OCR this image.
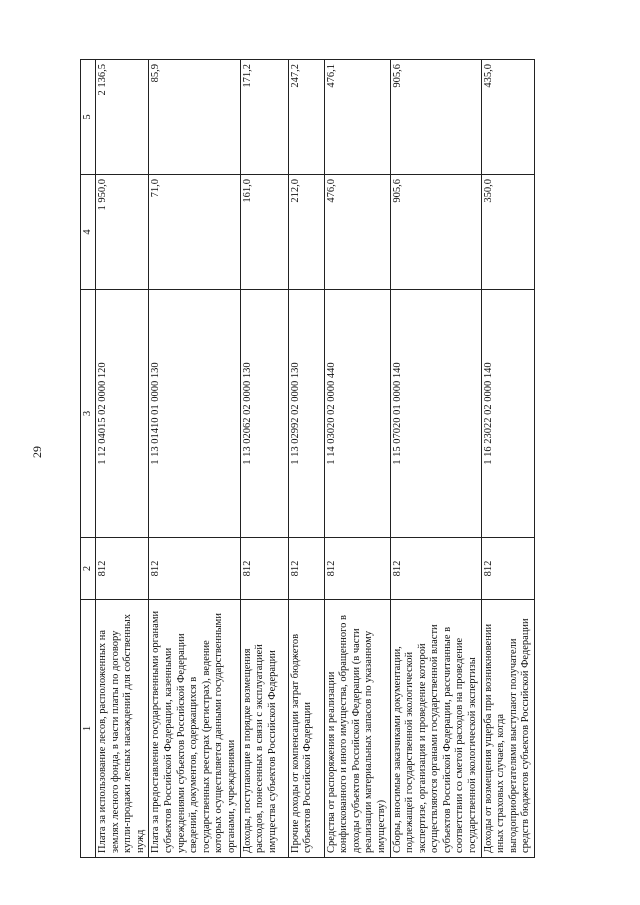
29
1	2	3	4	5
Плата за использование лесов, расположенных на землях лесного фонда, в части платы по договору купли-продажи лесных насаждений для собственных нужд	812	1 12 04015 02 0000 120	1 950,0	2 136,5
Плата за предоставление государственными органами субъектов Российской Федерации, казенными учреждениями субъектов Российской Федерации сведений, документов, содержащихся в государственных реестрах (регистрах), ведение которых осуществляется данными государственными органами, учреждениями	812	1 13 01410 01 0000 130	71,0	85,9
Доходы, поступающие в порядке возмещения расходов, понесенных в связи с эксплуатацией имущества субъектов Российской Федерации	812	1 13 02062 02 0000 130	161,0	171,2
Прочие доходы от компенсации затрат бюджетов субъектов Российской Федерации	812	1 13 02992 02 0000 130	212,0	247,2
Средства от распоряжения и реализации конфискованного и иного имущества, обращенного в доходы субъектов Российской Федерации (в части реализации материальных запасов по указанному имуществу)	812	1 14 03020 02 0000 440	476,0	476,1
Сборы, вносимые заказчиками документации, подлежащей государственной экологической экспертизе, организация и проведение которой осуществляются органами государственной власти субъектов Российской Федерации, рассчитанные в соответствии со сметой расходов на проведение государственной экологической экспертизы	812	1 15 07020 01 0000 140	905,6	905,6
Доходы от возмещения ущерба при возникновении иных страховых случаев, когда выгодоприобретателями выступают получатели средств бюджетов субъектов Российской Федерации	812	1 16 23022 02 0000 140	350,0	435,0
